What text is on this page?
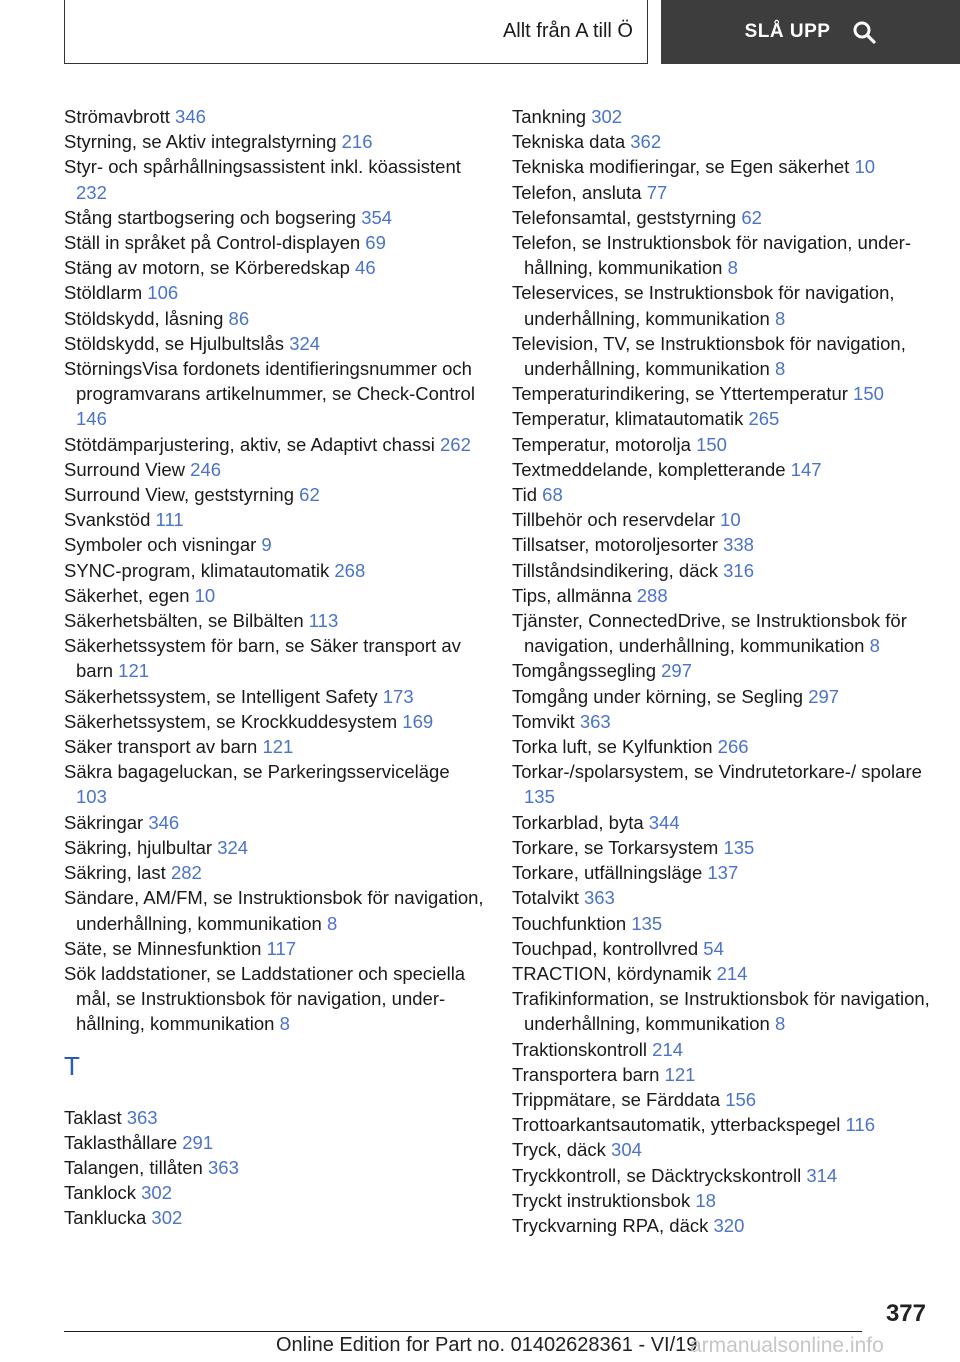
Allt från A till Ö	SLÅ UPP
Strömavbrott 346
Styrning, se Aktiv integralstyrning 216
Styr- och spårhållningsassistent inkl. köassistent 232
Stång startbogsering och bogsering 354
Ställ in språket på Control-displayen 69
Stäng av motorn, se Körberedskap 46
Stöldlarm 106
Stöldskydd, låsning 86
Stöldskydd, se Hjulbultslås 324
StörningsVisa fordonets identifieringsnummer och programvarans artikelnummer, se Check-Control 146
Stötdämparjustering, aktiv, se Adaptivt chassi 262
Surround View 246
Surround View, geststyrning 62
Svankstöd 111
Symboler och visningar 9
SYNC-program, klimatautomatik 268
Säkerhet, egen 10
Säkerhetsbälten, se Bilbälten 113
Säkerhetssystem för barn, se Säker transport av barn 121
Säkerhetssystem, se Intelligent Safety 173
Säkerhetssystem, se Krockkuddesystem 169
Säker transport av barn 121
Säkra bagageluckan, se Parkeringsserviceläge 103
Säkringar 346
Säkring, hjulbultar 324
Säkring, last 282
Sändare, AM/FM, se Instruktionsbok för navigation, underhållning, kommunikation 8
Säte, se Minnesfunktion 117
Sök laddstationer, se Laddstationer och speciella mål, se Instruktionsbok för navigation, underhållning, kommunikation 8
T
Taklast 363
Taklasthållare 291
Talangen, tillåten 363
Tanklock 302
Tanklucka 302
Tankning 302
Tekniska data 362
Tekniska modifieringar, se Egen säkerhet 10
Telefon, ansluta 77
Telefonsamtal, geststyrning 62
Telefon, se Instruktionsbok för navigation, underhållning, kommunikation 8
Teleservices, se Instruktionsbok för navigation, underhållning, kommunikation 8
Television, TV, se Instruktionsbok för navigation, underhållning, kommunikation 8
Temperaturindikering, se Yttertemperatur 150
Temperatur, klimatautomatik 265
Temperatur, motorolja 150
Textmeddelande, kompletterande 147
Tid 68
Tillbehör och reservdelar 10
Tillsatser, motoroljesorter 338
Tillståndsindikering, däck 316
Tips, allmänna 288
Tjänster, ConnectedDrive, se Instruktionsbok för navigation, underhållning, kommunikation 8
Tomgångssegling 297
Tomgång under körning, se Segling 297
Tomvikt 363
Torka luft, se Kylfunktion 266
Torkar-/spolarsystem, se Vindrutetorkare-/ spolare 135
Torkarblad, byta 344
Torkare, se Torkarsystem 135
Torkare, utfällningsläge 137
Totalvikt 363
Touchfunktion 135
Touchpad, kontrollvred 54
TRACTION, kördynamik 214
Trafikinformation, se Instruktionsbok för navigation, underhållning, kommunikation 8
Traktionskontroll 214
Transportera barn 121
Trippmätare, se Färddata 156
Trottoarkantsautomatik, ytterbackspegel 116
Tryck, däck 304
Tryckkontroll, se Däcktryckskontroll 314
Tryckt instruktionsbok 18
Tryckvarning RPA, däck 320
377
Online Edition for Part no. 01402628361 - VI/19
armanualsonline.info
